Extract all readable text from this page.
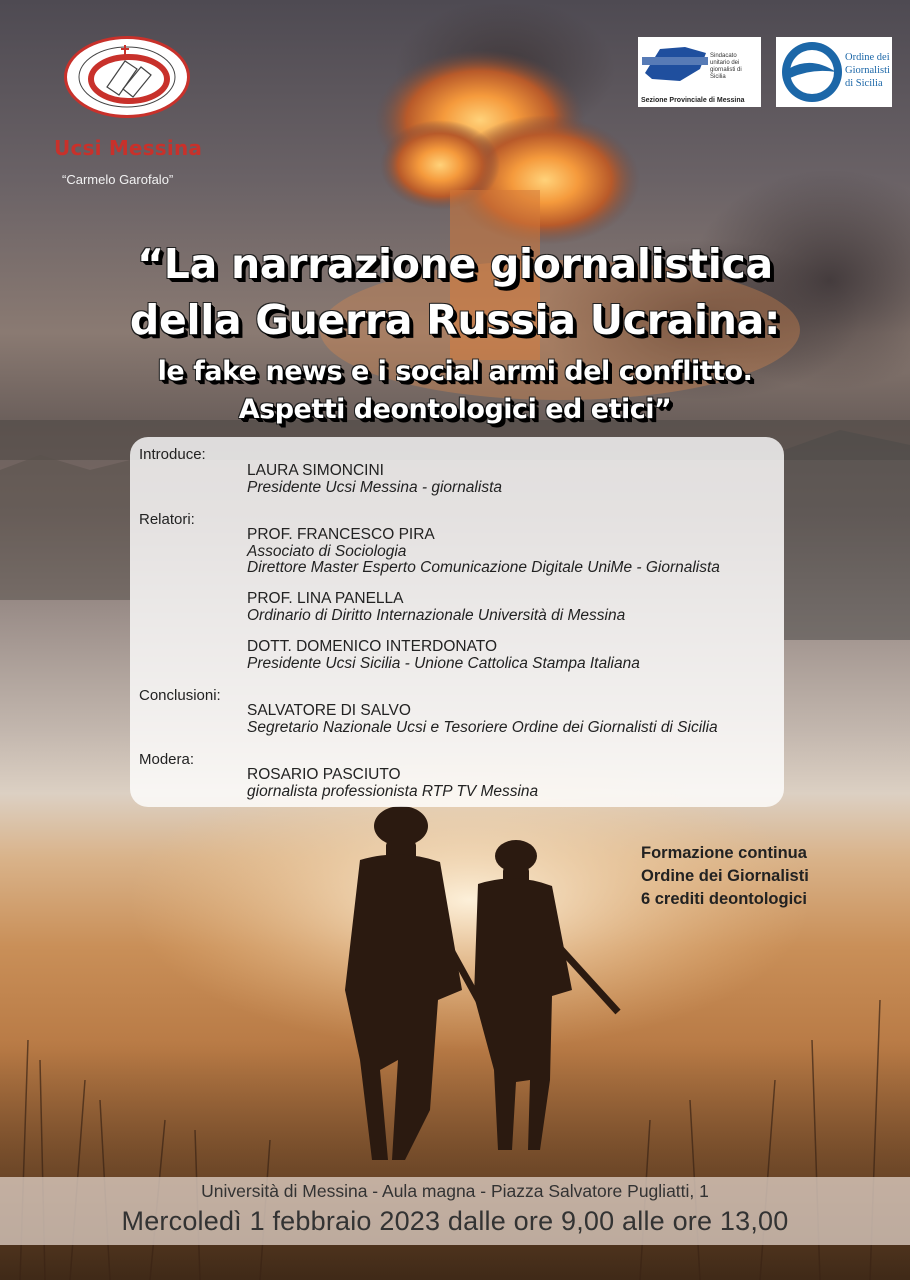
Ucsi Messina
“Carmelo Garofalo”
Sindacato unitario dei giornalisti di Sicilia
Sezione Provinciale di Messina
Ordine dei
Giornalisti
di Sicilia
“La narrazione giornalistica
della Guerra Russia Ucraina:
le fake news e i social armi del conflitto.
Aspetti deontologici ed etici”
Introduce:
LAURA SIMONCINI
Presidente Ucsi Messina - giornalista
Relatori:
PROF. FRANCESCO PIRA
Associato di Sociologia
Direttore Master Esperto Comunicazione Digitale UniMe - Giornalista
PROF. LINA PANELLA
Ordinario di Diritto Internazionale Università di Messina
DOTT. DOMENICO INTERDONATO
Presidente Ucsi Sicilia - Unione Cattolica Stampa Italiana
Conclusioni:
SALVATORE DI SALVO
Segretario Nazionale Ucsi e Tesoriere Ordine dei Giornalisti di Sicilia
Modera:
ROSARIO PASCIUTO
giornalista professionista RTP TV Messina
Formazione continua
Ordine dei Giornalisti
6 crediti deontologici
Università di Messina - Aula magna - Piazza Salvatore Pugliatti, 1
Mercoledì 1 febbraio 2023 dalle ore 9,00 alle ore 13,00
